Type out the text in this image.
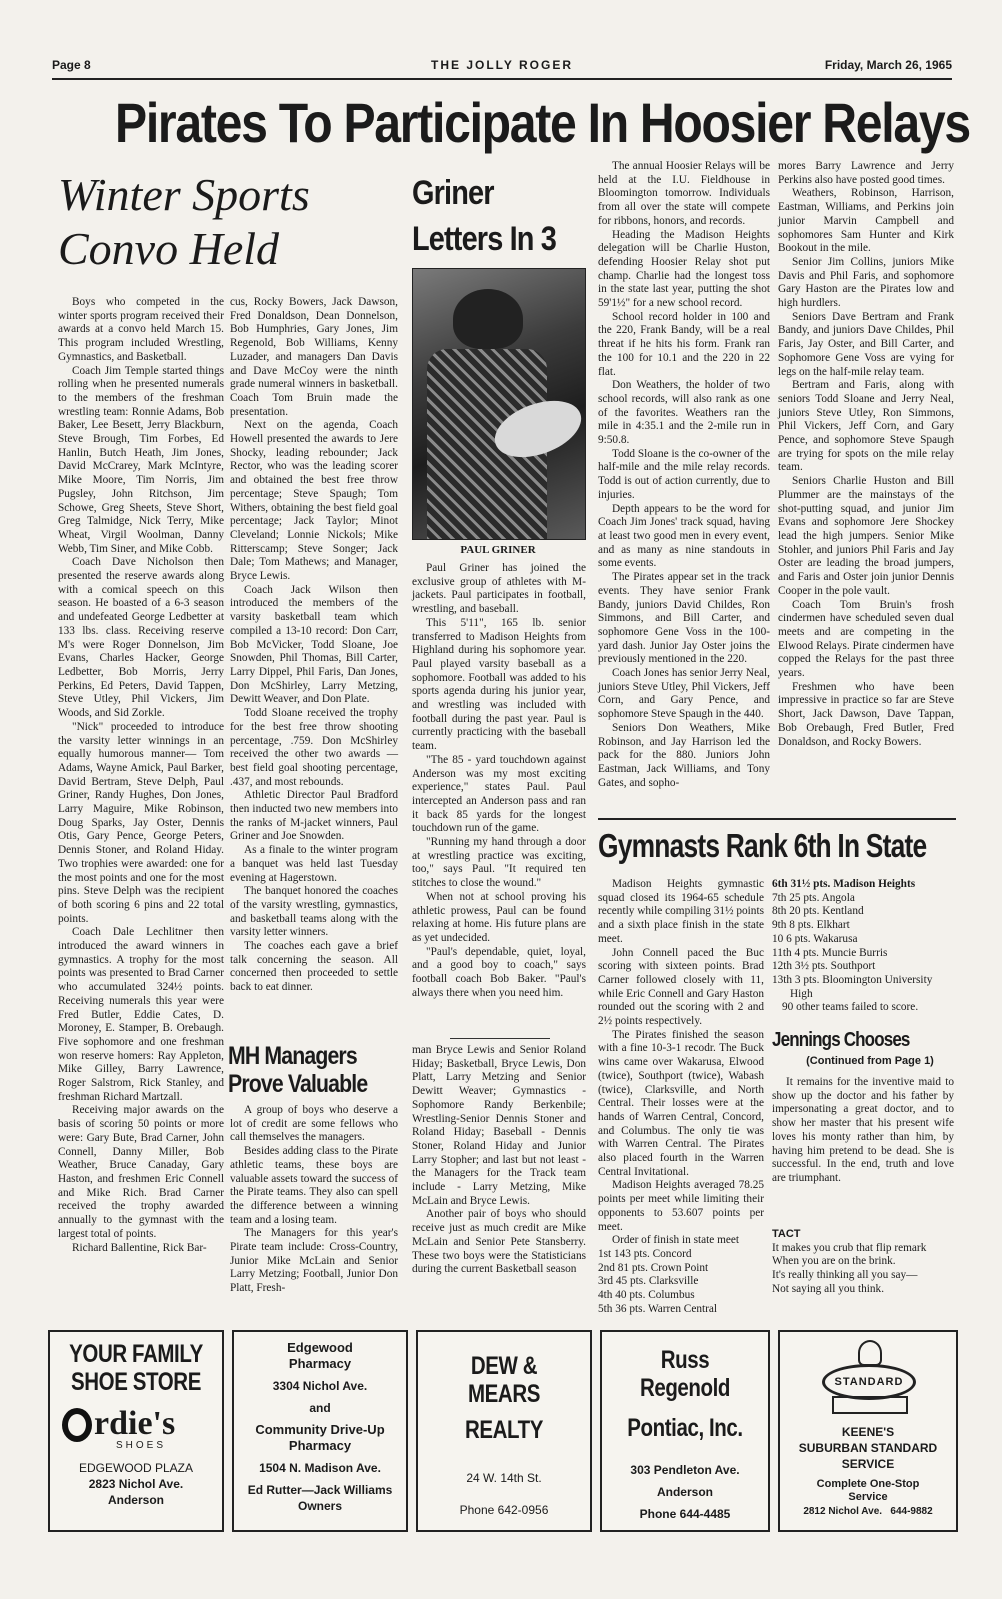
Page 8	THE JOLLY ROGER	Friday, March 26, 1965
Pirates To Participate In Hoosier Relays
Winter Sports Convo Held

Boys who competed in the winter sports program received their awards at a convo held March 15. This program included Wrestling, Gymnastics, and Basketball.

Coach Jim Temple started things rolling when he presented numerals to the members of the freshman wrestling team: Ronnie Adams, Bob Baker, Lee Besett, Jerry Blackburn, Steve Brough, Tim Forbes, Ed Hanlin, Butch Heath, Jim Jones, David McCrarey, Mark McIntyre, Mike Moore, Tim Norris, Jim Pugsley, John Ritchson, Jim Schowe, Greg Sheets, Steve Short, Greg Talmidge, Nick Terry, Mike Wheat, Virgil Woolman, Danny Webb, Tim Siner, and Mike Cobb.

Coach Dave Nicholson then presented the reserve awards along with a comical speech on this season. He boasted of a 6-3 season and undefeated George Ledbetter at 133 lbs. class. Receiving reserve M's were Roger Donnelson, Jim Evans, Charles Hacker, George Ledbetter, Bob Morris, Jerry Perkins, Ed Peters, David Tappen, Steve Utley, Phil Vickers, Jim Woods, and Sid Zorkle.

"Nick" proceeded to introduce the varsity letter winnings in an equally humorous manner— Tom Adams, Wayne Amick, Paul Barker, David Bertram, Steve Delph, Paul Griner, Randy Hughes, Don Jones, Larry Maguire, Mike Robinson, Doug Sparks, Jay Oster, Dennis Otis, Gary Pence, George Peters, Dennis Stoner, and Roland Hiday. Two trophies were awarded: one for the most points and one for the most pins. Steve Delph was the recipient of both scoring 6 pins and 22 total points.

Coach Dale Lechlitner then introduced the award winners in gymnastics. A trophy for the most points was presented to Brad Carner who accumulated 324½ points. Receiving numerals this year were Fred Butler, Eddie Cates, D. Moroney, E. Stamper, B. Orebaugh. Five sophomore and one freshman won reserve homers: Ray Appleton, Mike Gilley, Barry Lawrence, Roger Salstrom, Rick Stanley, and freshman Richard Martzall.

Receiving major awards on the basis of scoring 50 points or more were: Gary Bute, Brad Carner, John Connell, Danny Miller, Bob Weather, Bruce Canaday, Gary Haston, and freshmen Eric Connell and Mike Rich. Brad Carner received the trophy awarded annually to the gymnast with the largest total of points.

Richard Ballentine, Rick Bar-

cus, Rocky Bowers, Jack Dawson, Fred Donaldson, Dean Donnelson, Bob Humphries, Gary Jones, Jim Regenold, Bob Williams, Kenny Luzader, and managers Dan Davis and Dave McCoy were the ninth grade numeral winners in basketball. Coach Tom Bruin made the presentation.

Next on the agenda, Coach Howell presented the awards to Jere Shocky, leading rebounder; Jack Rector, who was the leading scorer and obtained the best free throw percentage; Steve Spaugh; Tom Withers, obtaining the best field goal percentage; Jack Taylor; Minot Cleveland; Lonnie Nickols; Mike Ritterscamp; Steve Songer; Jack Dale; Tom Mathews; and Manager, Bryce Lewis.

Coach Jack Wilson then introduced the members of the varsity basketball team which compiled a 13-10 record: Don Carr, Bob McVicker, Todd Sloane, Joe Snowden, Phil Thomas, Bill Carter, Larry Dippel, Phil Faris, Dan Jones, Don McShirley, Larry Metzing, Dewitt Weaver, and Don Plate.

Todd Sloane received the trophy for the best free throw shooting percentage, .759. Don McShirley received the other two awards — best field goal shooting percentage, .437, and most rebounds.

Athletic Director Paul Bradford then inducted two new members into the ranks of M-jacket winners, Paul Griner and Joe Snowden.

As a finale to the winter program a banquet was held last Tuesday evening at Hagerstown.

The banquet honored the coaches of the varsity wrestling, gymnastics, and basketball teams along with the varsity letter winners.

The coaches each gave a brief talk concerning the season. All concerned then proceeded to settle back to eat dinner.

MH Managers Prove Valuable

A group of boys who deserve a lot of credit are some fellows who call themselves the managers.

Besides adding class to the Pirate athletic teams, these boys are valuable assets toward the success of the Pirate teams. They also can spell the difference between a winning team and a losing team.

The Managers for this year's Pirate team include: Cross-Country, Junior Mike McLain and Senior Larry Metzing; Football, Junior Don Platt, Fresh-

Griner Letters In 3
PAUL GRINER

Paul Griner has joined the exclusive group of athletes with M-jackets. Paul participates in football, wrestling, and baseball.

This 5'11", 165 lb. senior transferred to Madison Heights from Highland during his sophomore year. Paul played varsity baseball as a sophomore. Football was added to his sports agenda during his junior year, and wrestling was included with football during the past year. Paul is currently practicing with the baseball team.

"The 85 - yard touchdown against Anderson was my most exciting experience," states Paul. Paul intercepted an Anderson pass and ran it back 85 yards for the longest touchdown run of the game.

"Running my hand through a door at wrestling practice was exciting, too," says Paul. "It required ten stitches to close the wound."

When not at school proving his athletic prowess, Paul can be found relaxing at home. His future plans are as yet undecided.

"Paul's dependable, quiet, loyal, and a good boy to coach," says football coach Bob Baker. "Paul's always there when you need him.

man Bryce Lewis and Senior Roland Hiday; Basketball, Bryce Lewis, Don Platt, Larry Metzing and Senior Dewitt Weaver; Gymnastics - Sophomore Randy Berkenbile; Wrestling-Senior Dennis Stoner and Roland Hiday; Baseball - Dennis Stoner, Roland Hiday and Junior Larry Stopher; and last but not least - the Managers for the Track team include - Larry Metzing, Mike McLain and Bryce Lewis.

Another pair of boys who should receive just as much credit are Mike McLain and Senior Pete Stansberry. These two boys were the Statisticians during the current Basketball season

The annual Hoosier Relays will be held at the I.U. Fieldhouse in Bloomington tomorrow. Individuals from all over the state will compete for ribbons, honors, and records.

Heading the Madison Heights delegation will be Charlie Huston, defending Hoosier Relay shot put champ. Charlie had the longest toss in the state last year, putting the shot 59'1½" for a new school record.

School record holder in 100 and the 220, Frank Bandy, will be a real threat if he hits his form. Frank ran the 100 for 10.1 and the 220 in 22 flat.

Don Weathers, the holder of two school records, will also rank as one of the favorites. Weathers ran the mile in 4:35.1 and the 2-mile run in 9:50.8.

Todd Sloane is the co-owner of the half-mile and the mile relay records. Todd is out of action currently, due to injuries.

Depth appears to be the word for Coach Jim Jones' track squad, having at least two good men in every event, and as many as nine standouts in some events.

The Pirates appear set in the track events. They have senior Frank Bandy, juniors David Childes, Ron Simmons, and Bill Carter, and sophomore Gene Voss in the 100-yard dash. Junior Jay Oster joins the previously mentioned in the 220.

Coach Jones has senior Jerry Neal, juniors Steve Utley, Phil Vickers, Jeff Corn, and Gary Pence, and sophomore Steve Spaugh in the 440.

Seniors Don Weathers, Mike Robinson, and Jay Harrison led the pack for the 880. Juniors John Eastman, Jack Williams, and Tony Gates, and sopho-

mores Barry Lawrence and Jerry Perkins also have posted good times.

Weathers, Robinson, Harrison, Eastman, Williams, and Perkins join junior Marvin Campbell and sophomores Sam Hunter and Kirk Bookout in the mile.

Senior Jim Collins, juniors Mike Davis and Phil Faris, and sophomore Gary Haston are the Pirates low and high hurdlers.

Seniors Dave Bertram and Frank Bandy, and juniors Dave Childes, Phil Faris, Jay Oster, and Bill Carter, and Sophomore Gene Voss are vying for legs on the half-mile relay team.

Bertram and Faris, along with seniors Todd Sloane and Jerry Neal, juniors Steve Utley, Ron Simmons, Phil Vickers, Jeff Corn, and Gary Pence, and sophomore Steve Spaugh are trying for spots on the mile relay team.

Seniors Charlie Huston and Bill Plummer are the mainstays of the shot-putting squad, and junior Jim Evans and sophomore Jere Shockey lead the high jumpers. Senior Mike Stohler, and juniors Phil Faris and Jay Oster are leading the broad jumpers, and Faris and Oster join junior Dennis Cooper in the pole vault.

Coach Tom Bruin's frosh cindermen have scheduled seven dual meets and are competing in the Elwood Relays. Pirate cindermen have copped the Relays for the past three years.

Freshmen who have been impressive in practice so far are Steve Short, Jack Dawson, Dave Tappan, Bob Orebaugh, Fred Butler, Fred Donaldson, and Rocky Bowers.

Gymnasts Rank 6th In State

Madison Heights gymnastic squad closed its 1964-65 schedule recently while compiling 31½ points and a sixth place finish in the state meet.

John Connell paced the Buc scoring with sixteen points. Brad Carner followed closely with 11, while Eric Connell and Gary Haston rounded out the scoring with 2 and 2½ points respectively.

The Pirates finished the season with a fine 10-3-1 recodr. The Buck wins came over Wakarusa, Elwood (twice), Southport (twice), Wabash (twice), Clarksville, and North Central. Their losses were at the hands of Warren Central, Concord, and Columbus. The only tie was with Warren Central. The Pirates also placed fourth in the Warren Central Invitational.

Madison Heights averaged 78.25 points per meet while limiting their opponents to 53.607 points per meet.

Order of finish in state meet

1st 143 pts. Concord
2nd 81 pts. Crown Point
3rd 45 pts. Clarksville
4th 40 pts. Columbus
5th 36 pts. Warren Central
6th 31½ pts. Madison Heights
7th 25 pts. Angola
8th 20 pts. Kentland
9th 8 pts. Elkhart
10 6 pts. Wakarusa
11th 4 pts. Muncie Burris
12th 3½ pts. Southport
13th 3 pts. Bloomington University High
90 other teams failed to score.
Jennings Chooses
(Continued from Page 1)

It remains for the inventive maid to show up the doctor and his father by impersonating a great doctor, and to show her master that his present wife loves his monty rather than him, by having him pretend to be dead. She is successful. In the end, truth and love are triumphant.

TACT
It makes you crub that flip remark
When you are on the brink.
It's really thinking all you say—
Not saying all you think.
YOUR FAMILY
SHOE STORE
rdie's
SHOES
EDGEWOOD PLAZA
2823 Nichol Ave.
Anderson
Edgewood Pharmacy
3304 Nichol Ave.
and
Community Drive-Up Pharmacy
1504 N. Madison Ave.
Ed Rutter—Jack Williams Owners
DEW & MEARS
REALTY
24 W. 14th St.
Phone 642-0956
Russ Regenold
Pontiac, Inc.
303 Pendleton Ave.
Anderson
Phone 644-4485
STANDARD
KEENE'S
SUBURBAN STANDARD SERVICE
Complete One-Stop Service
2812 Nichol Ave. 644-9882
